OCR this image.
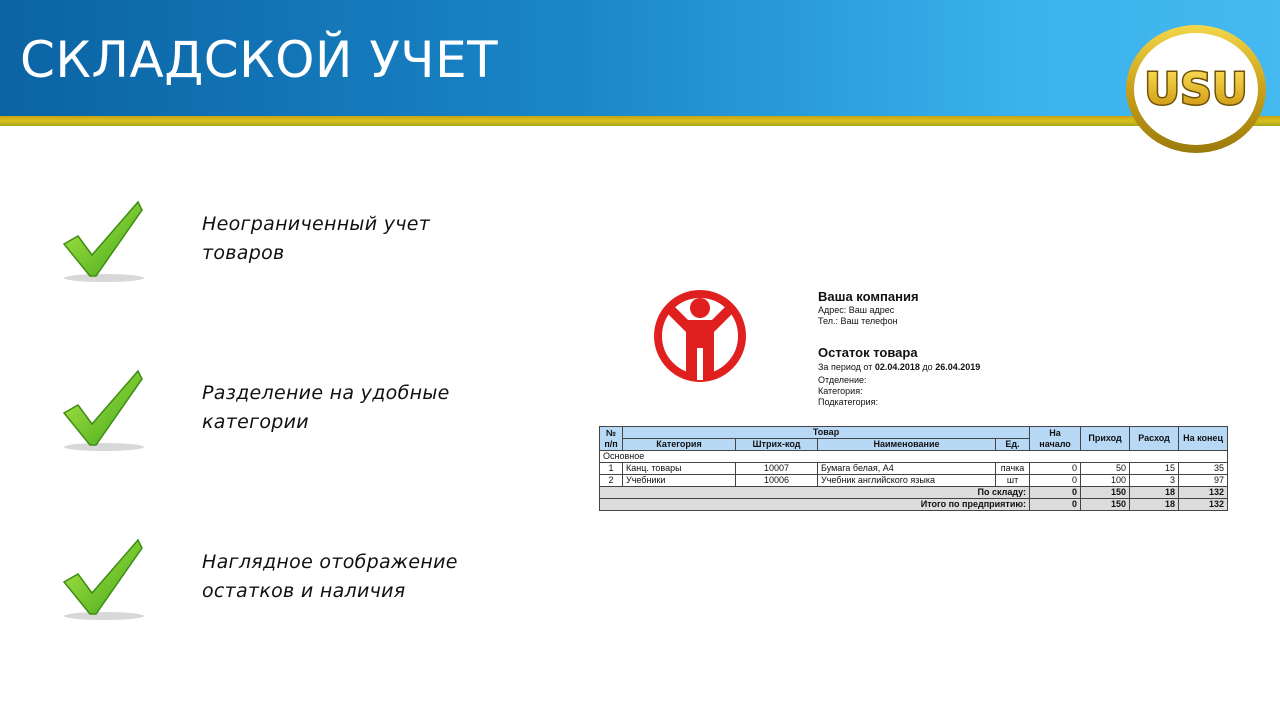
СКЛАДСКОЙ УЧЕТ
USU

Неограниченный учет
товаров

Разделение на удобные
категории

Наглядное отображение
остатков и наличия

Ваша компания
Адрес: Ваш адрес
Тел.: Ваш телефон
Остаток товара
За период от 02.04.2018 до 26.04.2019
Отделение:
Категория:
Подкатегория:
№ п/п	Товар				На начало	Приход	Расход	На конец
	Категория	Штрих-код	Наименование	Ед.				
Основное								
1	Канц. товары	10007	Бумага белая, А4	пачка	0	50	15	35
2	Учебники	10006	Учебник английского языка	шт	0	100	3	97
По складу:					0	150	18	132
Итого по предприятию:					0	150	18	132
